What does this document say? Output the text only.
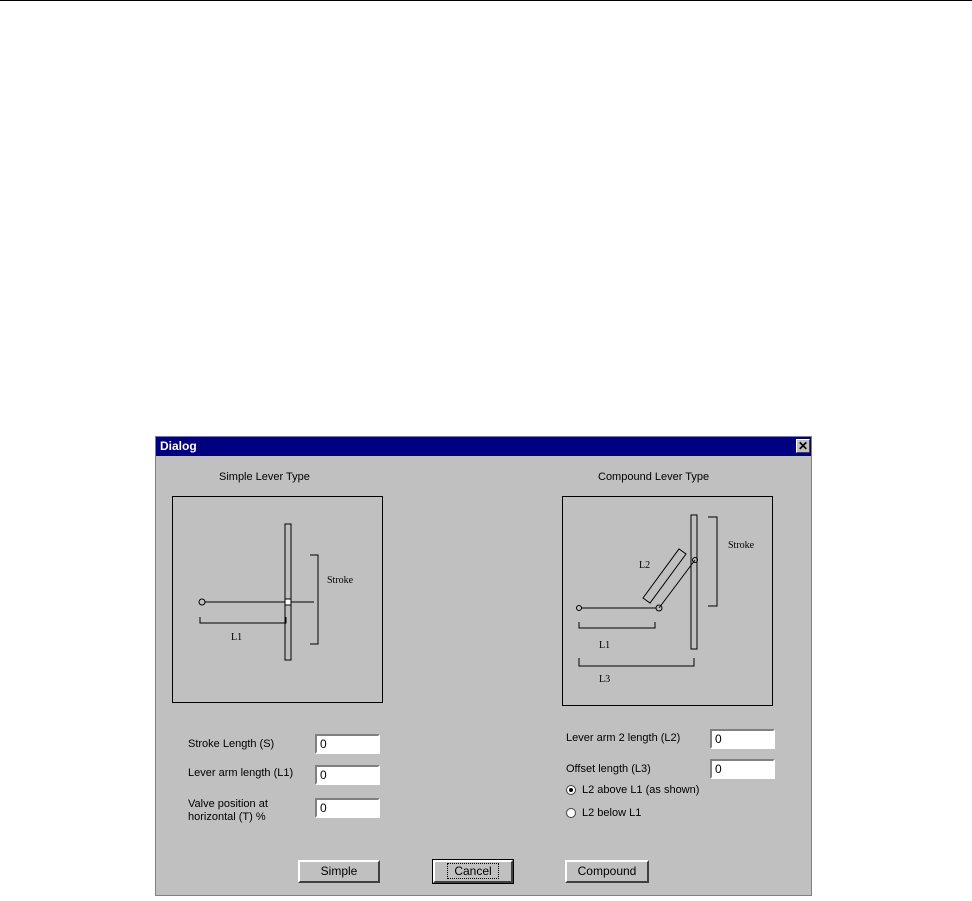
Dialog	✕
Simple Lever Type
Stroke
L1
Stroke Length (S)
0
Lever arm length (L1)
0
Valve position at horizontal (T) %
0
Compound Lever Type
Stroke
L2
L1
L3
Lever arm 2 length (L2)
0
Offset length (L3)
0
L2 above L1 (as shown)
L2 below L1
Simple	Cancel	Compound
